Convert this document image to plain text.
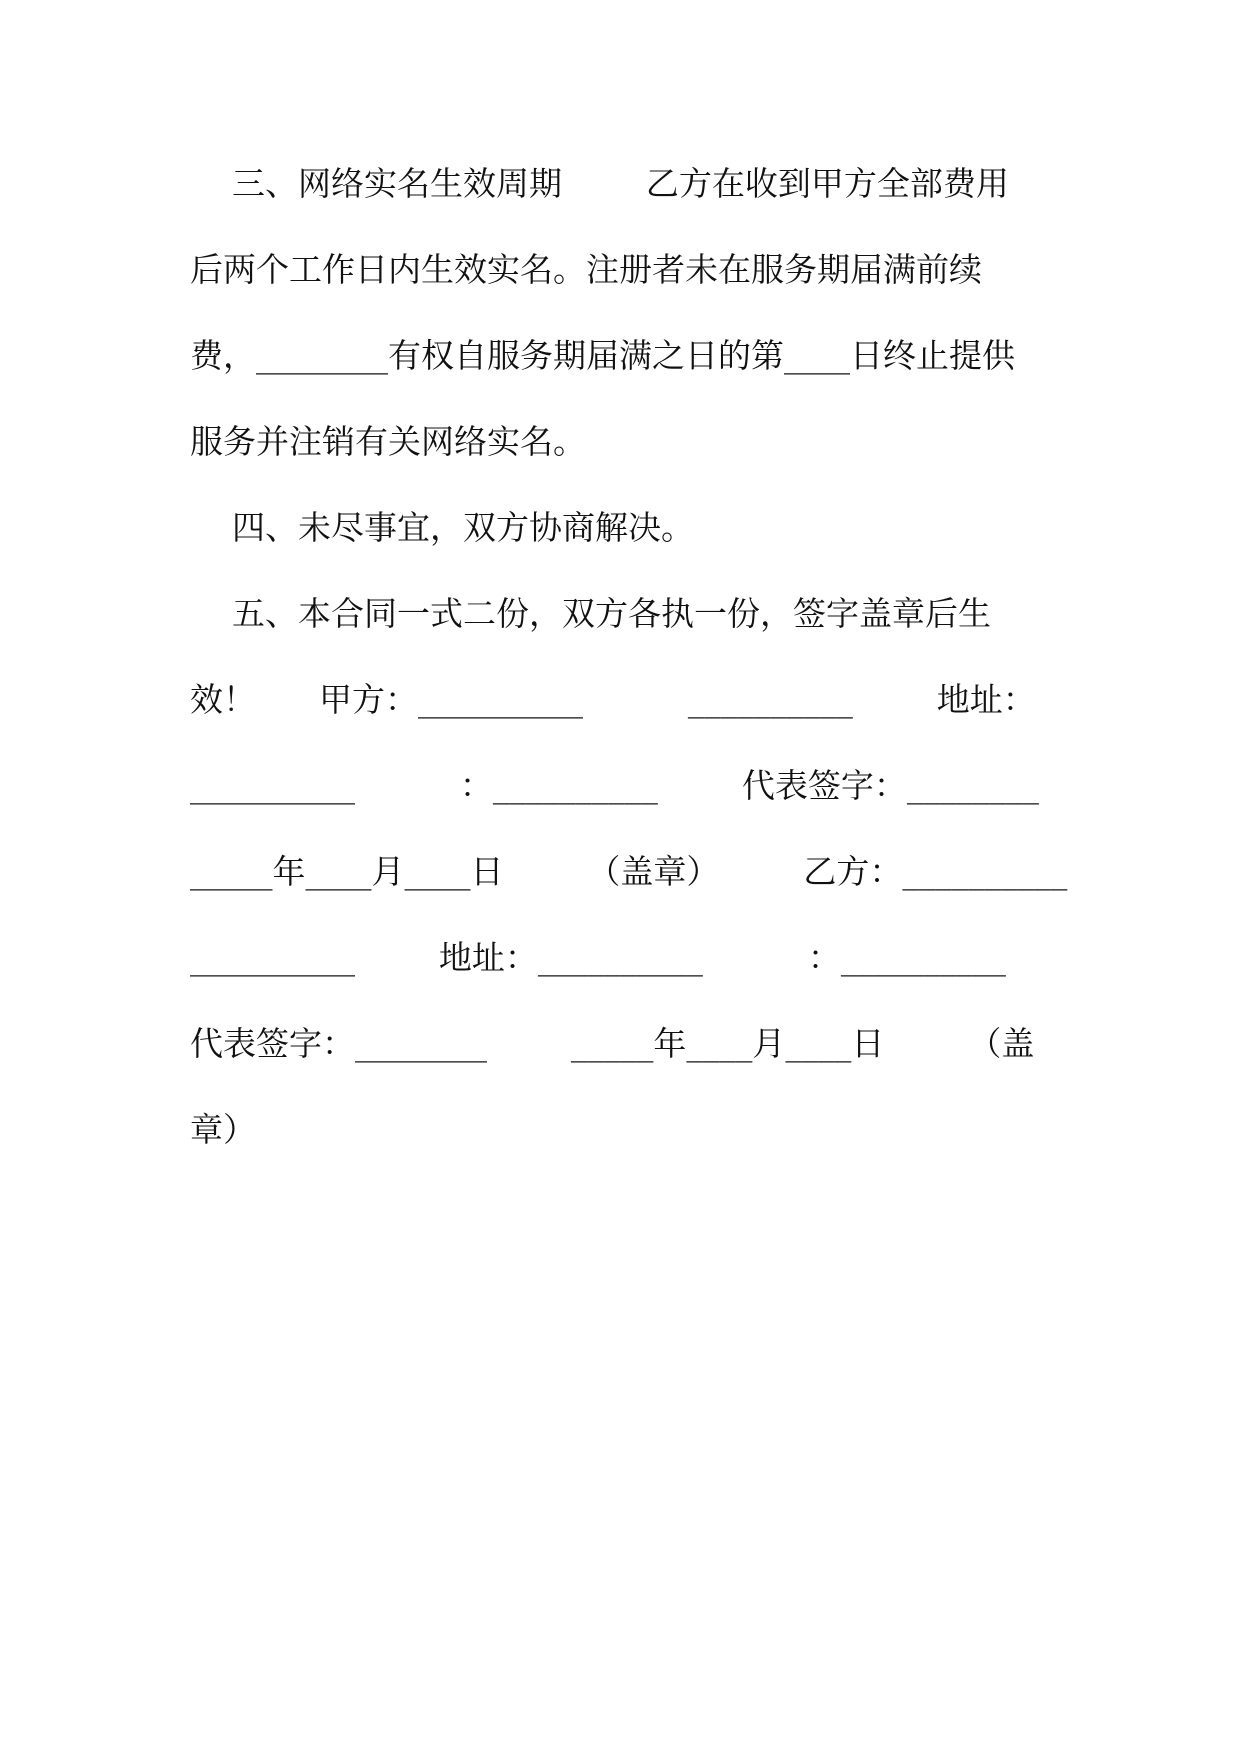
三、网络实名生效周期        乙方在收到甲方全部费用
后两个工作日内生效实名。注册者未在服务期届满前续
费，________有权自服务期届满之日的第____日终止提供
服务并注销有关网络实名。
四、未尽事宜，双方协商解决。
五、本合同一式二份，双方各执一份，签字盖章后生
效！      甲方：__________          __________        地址：
__________          ：__________        代表签字：________
_____年____月____日        （盖章）        乙方：__________
__________        地址：__________          ：__________
代表签字：________        _____年____月____日        （盖
章）
